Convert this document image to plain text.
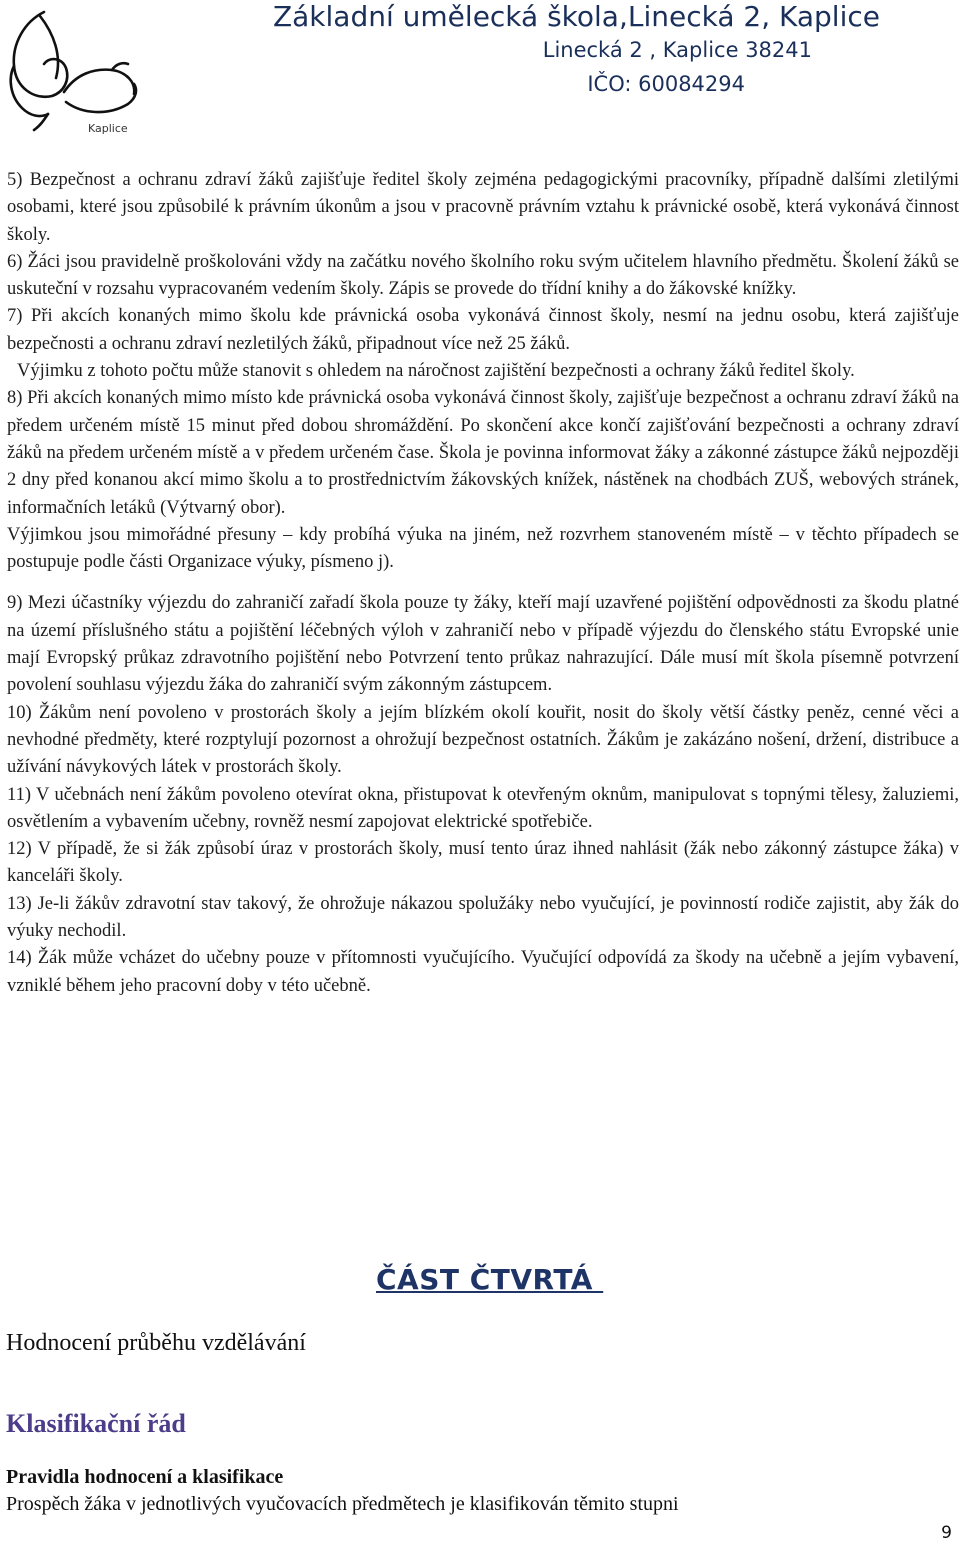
Kaplice
Základní umělecká škola,Linecká 2, Kaplice
Linecká 2 , Kaplice 38241
IČO: 60084294

5) Bezpečnost a ochranu zdraví žáků zajišťuje ředitel školy zejména pedagogickými pracovníky, případně dalšími zletilými osobami, které jsou způsobilé k právním úkonům a jsou v pracovně právním vztahu k právnické osobě, která vykonává činnost školy.

6) Žáci jsou pravidelně proškolováni vždy na začátku nového školního roku svým učitelem hlavního předmětu. Školení žáků se uskuteční v rozsahu vypracovaném vedením školy. Zápis se provede do třídní knihy a do žákovské knížky.

7) Při akcích konaných mimo školu kde právnická osoba vykonává činnost školy, nesmí na jednu osobu, která zajišťuje bezpečnosti a ochranu zdraví nezletilých žáků, připadnout více než 25 žáků.

Výjimku z tohoto počtu může stanovit s ohledem na náročnost zajištění bezpečnosti a ochrany žáků ředitel školy.

8) Při akcích konaných mimo místo kde právnická osoba vykonává činnost školy, zajišťuje bezpečnost a ochranu zdraví žáků na předem určeném místě 15 minut před dobou shromáždění. Po skončení akce končí zajišťování bezpečnosti a ochrany zdraví žáků na předem určeném místě a v předem určeném čase. Škola je povinna informovat žáky a zákonné zástupce žáků nejpozději 2 dny před konanou akcí mimo školu a to prostřednictvím žákovských knížek, nástěnek na chodbách ZUŠ, webových stránek, informačních letáků (Výtvarný obor).

Výjimkou jsou mimořádné přesuny – kdy probíhá výuka na jiném, než rozvrhem stanoveném místě – v těchto případech se postupuje podle části Organizace výuky, písmeno j).

9) Mezi účastníky výjezdu do zahraničí zařadí škola pouze ty žáky, kteří mají uzavřené pojištění odpovědnosti za škodu platné na území příslušného státu a pojištění léčebných výloh v zahraničí nebo v případě výjezdu do členského státu Evropské unie mají Evropský průkaz zdravotního pojištění nebo Potvrzení tento průkaz nahrazující. Dále musí mít škola písemně potvrzení povolení souhlasu výjezdu žáka do zahraničí svým zákonným zástupcem.

10) Žákům není povoleno v prostorách školy a jejím blízkém okolí kouřit, nosit do školy větší částky peněz, cenné věci a nevhodné předměty, které rozptylují pozornost a ohrožují bezpečnost ostatních. Žákům je zakázáno nošení, držení, distribuce a užívání návykových látek v prostorách školy.

11) V učebnách není žákům povoleno otevírat okna, přistupovat k otevřeným oknům, manipulovat s topnými tělesy, žaluziemi, osvětlením a vybavením učebny, rovněž nesmí zapojovat elektrické spotřebiče.

12) V případě, že si žák způsobí úraz v prostorách školy, musí tento úraz ihned nahlásit (žák nebo zákonný zástupce žáka) v kanceláři školy.

13) Je-li žákův zdravotní stav takový, že ohrožuje nákazou spolužáky nebo vyučující, je povinností rodiče zajistit, aby žák do výuky nechodil.

14) Žák může vcházet do učebny pouze v přítomnosti vyučujícího. Vyučující odpovídá za škody na učebně a jejím vybavení, vzniklé během jeho pracovní doby v této učebně.

ČÁST ČTVRTÁ
Hodnocení průběhu vzdělávání
Klasifikační řád
Pravidla hodnocení a klasifikace
Prospěch žáka v jednotlivých vyučovacích předmětech je klasifikován těmito stupni
9
